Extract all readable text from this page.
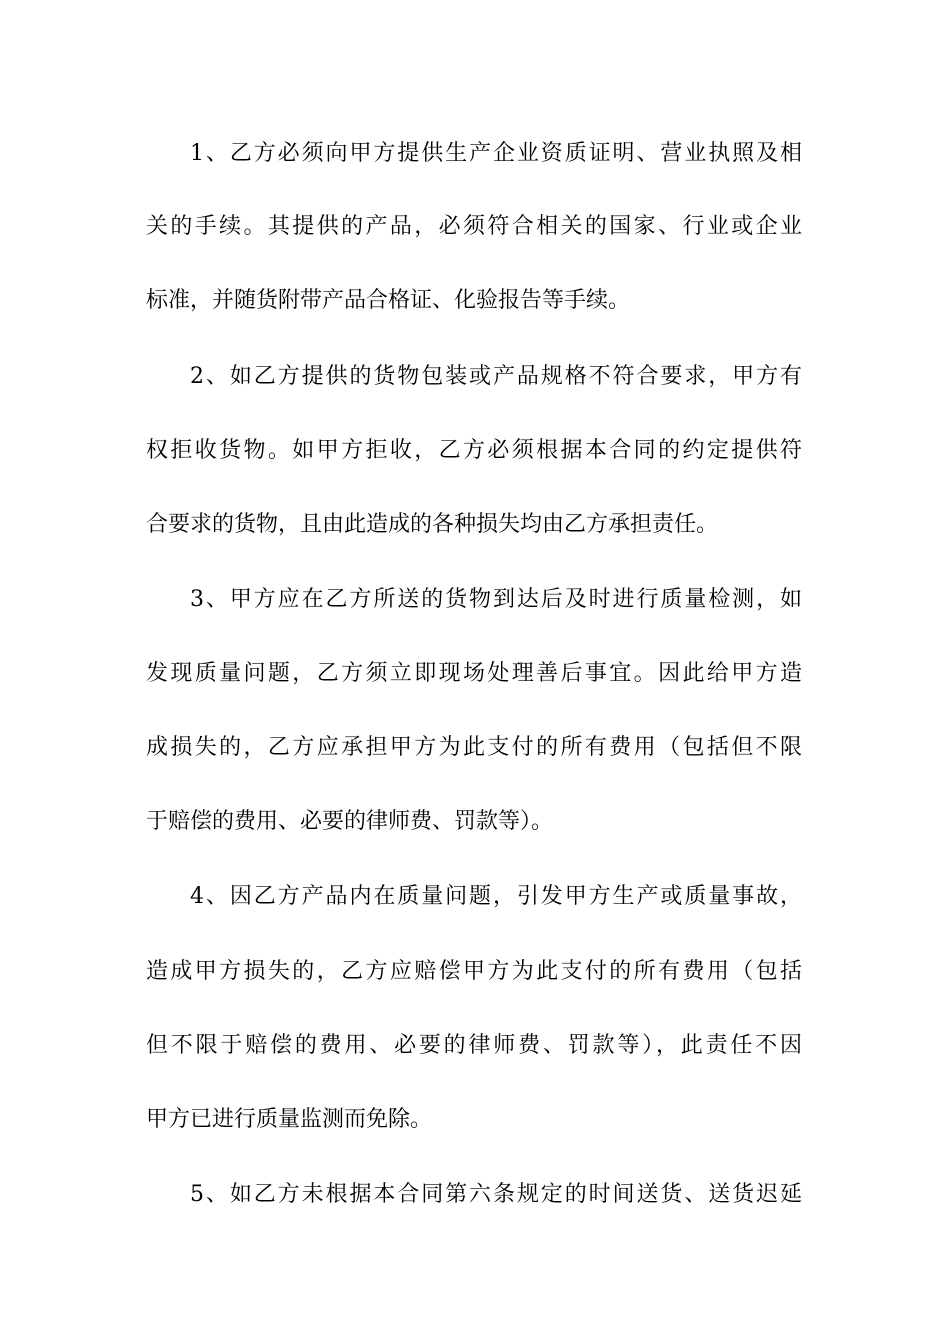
1、乙方必须向甲方提供生产企业资质证明、营业执照及相
关的手续。其提供的产品，必须符合相关的国家、行业或企业
标准，并随货附带产品合格证、化验报告等手续。
2、如乙方提供的货物包装或产品规格不符合要求，甲方有
权拒收货物。如甲方拒收，乙方必须根据本合同的约定提供符
合要求的货物，且由此造成的各种损失均由乙方承担责任。
3、甲方应在乙方所送的货物到达后及时进行质量检测，如
发现质量问题，乙方须立即现场处理善后事宜。因此给甲方造
成损失的，乙方应承担甲方为此支付的所有费用（包括但不限
于赔偿的费用、必要的律师费、罚款等）。
4、因乙方产品内在质量问题，引发甲方生产或质量事故，
造成甲方损失的，乙方应赔偿甲方为此支付的所有费用（包括
但不限于赔偿的费用、必要的律师费、罚款等），此责任不因
甲方已进行质量监测而免除。
5、如乙方未根据本合同第六条规定的时间送货、送货迟延
